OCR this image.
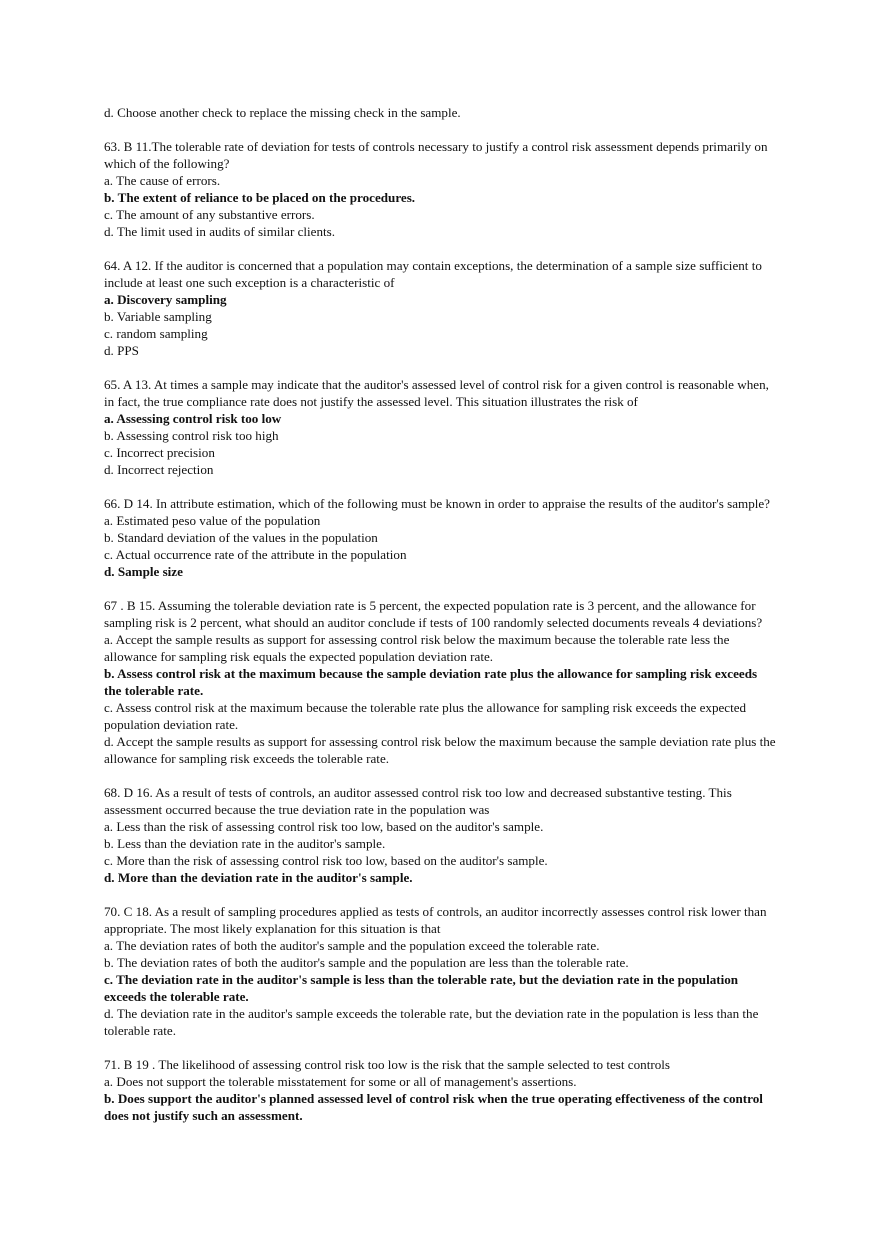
d. Choose another check to replace the missing check in the sample.
63. B 11.The tolerable rate of deviation for tests of controls necessary to justify a control risk assessment depends primarily on which of the following?
a. The cause of errors.
b. The extent of reliance to be placed on the procedures.
c. The amount of any substantive errors.
d. The limit used in audits of similar clients.
64. A 12. If the auditor is concerned that a population may contain exceptions, the determination of a sample size sufficient to include at least one such exception is a characteristic of
a. Discovery sampling
b. Variable sampling
c. random sampling
d. PPS
65. A 13. At times a sample may indicate that the auditor's assessed level of control risk for a given control is reasonable when, in fact, the true compliance rate does not justify the assessed level. This situation illustrates the risk of
a. Assessing control risk too low
b. Assessing control risk too high
c. Incorrect precision
d. Incorrect rejection
66. D 14. In attribute estimation, which of the following must be known in order to appraise the results of the auditor's sample?
a. Estimated peso value of the population
b. Standard deviation of the values in the population
c. Actual occurrence rate of the attribute in the population
d. Sample size
67 . B 15. Assuming the tolerable deviation rate is 5 percent, the expected population rate is 3 percent, and the allowance for sampling risk is 2 percent, what should an auditor conclude if tests of 100 randomly selected documents reveals 4 deviations?
a. Accept the sample results as support for assessing control risk below the maximum because the tolerable rate less the allowance for sampling risk equals the expected population deviation rate.
b. Assess control risk at the maximum because the sample deviation rate plus the allowance for sampling risk exceeds the tolerable rate.
c. Assess control risk at the maximum because the tolerable rate plus the allowance for sampling risk exceeds the expected population deviation rate.
d. Accept the sample results as support for assessing control risk below the maximum because the sample deviation rate plus the allowance for sampling risk exceeds the tolerable rate.
68. D 16. As a result of tests of controls, an auditor assessed control risk too low and decreased substantive testing. This assessment occurred because the true deviation rate in the population was
a. Less than the risk of assessing control risk too low, based on the auditor's sample.
b. Less than the deviation rate in the auditor's sample.
c. More than the risk of assessing control risk too low, based on the auditor's sample.
d. More than the deviation rate in the auditor's sample.
70. C 18. As a result of sampling procedures applied as tests of controls, an auditor incorrectly assesses control risk lower than appropriate. The most likely explanation for this situation is that
a. The deviation rates of both the auditor's sample and the population exceed the tolerable rate.
b. The deviation rates of both the auditor's sample and the population are less than the tolerable rate.
c. The deviation rate in the auditor's sample is less than the tolerable rate, but the deviation rate in the population exceeds the tolerable rate.
d. The deviation rate in the auditor's sample exceeds the tolerable rate, but the deviation rate in the population is less than the tolerable rate.
71. B 19 . The likelihood of assessing control risk too low is the risk that the sample selected to test controls
a. Does not support the tolerable misstatement for some or all of management's assertions.
b. Does support the auditor's planned assessed level of control risk when the true operating effectiveness of the control does not justify such an assessment.
